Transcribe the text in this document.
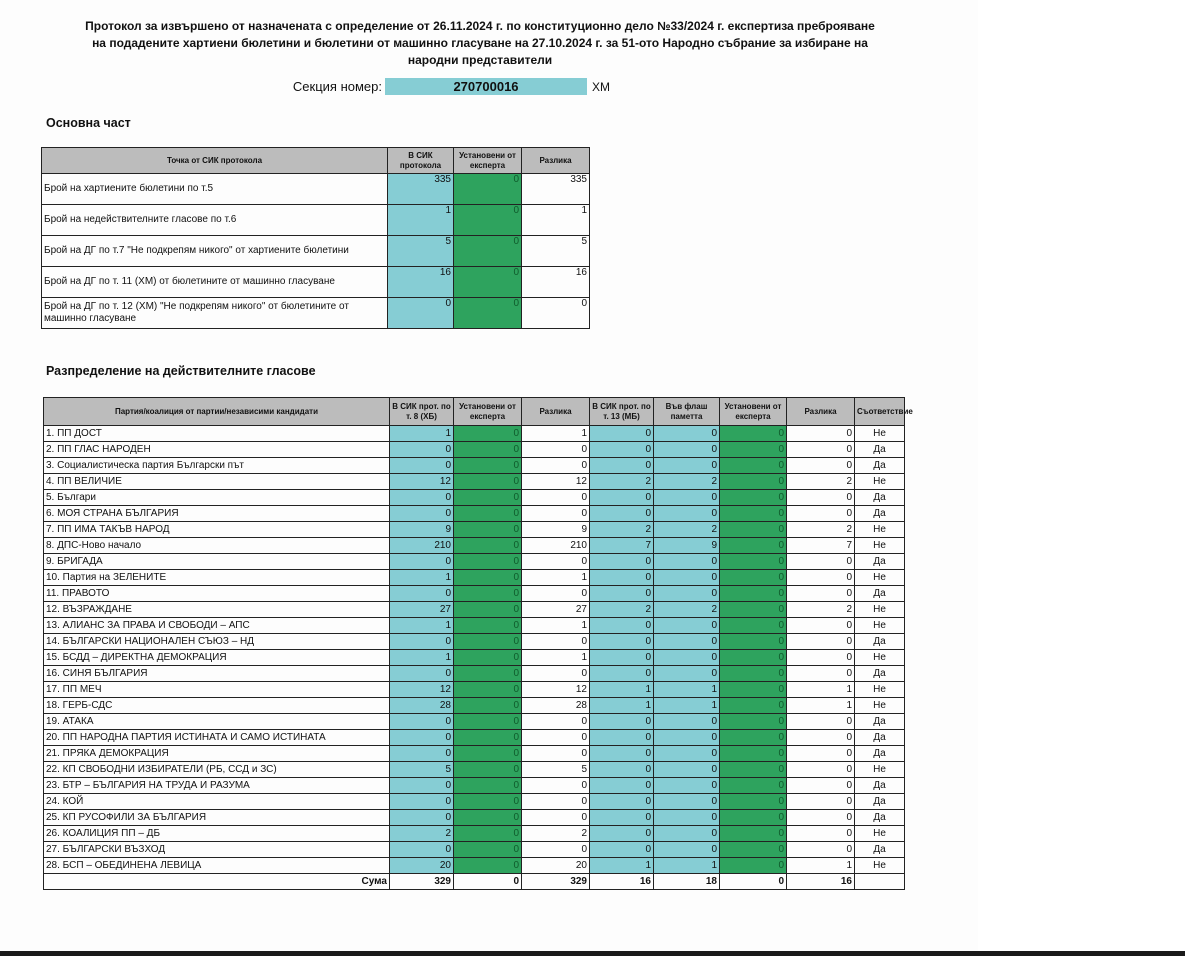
Протокол за извършено от назначената с определение от 26.11.2024 г. по конституционно дело №33/2024 г. експертиза преброяване
на подадените хартиени бюлетини и бюлетини от машинно гласуване на 27.10.2024 г. за 51-ото Народно събрание за избиране на
народни представители
Секция номер:	270700016	ХМ
Основна част
Точка от СИК протокола	В СИК протокола	Установени от експерта	Разлика
Брой на хартиените бюлетини по т.5	335	0	335
Брой на недействителните гласове по т.6	1	0	1
Брой на ДГ по т.7 "Не подкрепям никого" от хартиените бюлетини	5	0	5
Брой на ДГ по т. 11 (ХМ) от бюлетините от машинно гласуване	16	0	16
Брой на ДГ по т. 12 (ХМ) "Не подкрепям никого" от бюлетините от машинно гласуване	0	0	0
Разпределение на действителните гласове
Партия/коалиция от партии/независими кандидати	В СИК прот. по т. 8 (ХБ)	Установени от експерта	Разлика	В СИК прот. по т. 13 (МБ)	Във флаш паметта	Установени от експерта	Разлика	Съответствие
1. ПП ДОСТ	1	0	1	0	0	0	0	Не
2. ПП ГЛАС НАРОДЕН	0	0	0	0	0	0	0	Да
3. Социалистическа партия Български път	0	0	0	0	0	0	0	Да
4. ПП ВЕЛИЧИЕ	12	0	12	2	2	0	2	Не
5. Българи	0	0	0	0	0	0	0	Да
6. МОЯ СТРАНА БЪЛГАРИЯ	0	0	0	0	0	0	0	Да
7. ПП ИМА ТАКЪВ НАРОД	9	0	9	2	2	0	2	Не
8. ДПС-Ново начало	210	0	210	7	9	0	7	Не
9. БРИГАДА	0	0	0	0	0	0	0	Да
10. Партия на ЗЕЛЕНИТЕ	1	0	1	0	0	0	0	Не
11. ПРАВОТО	0	0	0	0	0	0	0	Да
12. ВЪЗРАЖДАНЕ	27	0	27	2	2	0	2	Не
13. АЛИАНС ЗА ПРАВА И СВОБОДИ – АПС	1	0	1	0	0	0	0	Не
14. БЪЛГАРСКИ НАЦИОНАЛЕН СЪЮЗ – НД	0	0	0	0	0	0	0	Да
15. БСДД – ДИРЕКТНА ДЕМОКРАЦИЯ	1	0	1	0	0	0	0	Не
16. СИНЯ БЪЛГАРИЯ	0	0	0	0	0	0	0	Да
17. ПП МЕЧ	12	0	12	1	1	0	1	Не
18. ГЕРБ-СДС	28	0	28	1	1	0	1	Не
19. АТАКА	0	0	0	0	0	0	0	Да
20. ПП НАРОДНА ПАРТИЯ ИСТИНАТА И САМО ИСТИНАТА	0	0	0	0	0	0	0	Да
21. ПРЯКА ДЕМОКРАЦИЯ	0	0	0	0	0	0	0	Да
22. КП СВОБОДНИ ИЗБИРАТЕЛИ (РБ, ССД и ЗС)	5	0	5	0	0	0	0	Не
23. БТР – БЪЛГАРИЯ НА ТРУДА И РАЗУМА	0	0	0	0	0	0	0	Да
24. КОЙ	0	0	0	0	0	0	0	Да
25. КП РУСОФИЛИ ЗА БЪЛГАРИЯ	0	0	0	0	0	0	0	Да
26. КОАЛИЦИЯ ПП – ДБ	2	0	2	0	0	0	0	Не
27. БЪЛГАРСКИ ВЪЗХОД	0	0	0	0	0	0	0	Да
28. БСП – ОБЕДИНЕНА ЛЕВИЦА	20	0	20	1	1	0	1	Не
Сума	329	0	329	16	18	0	16	
